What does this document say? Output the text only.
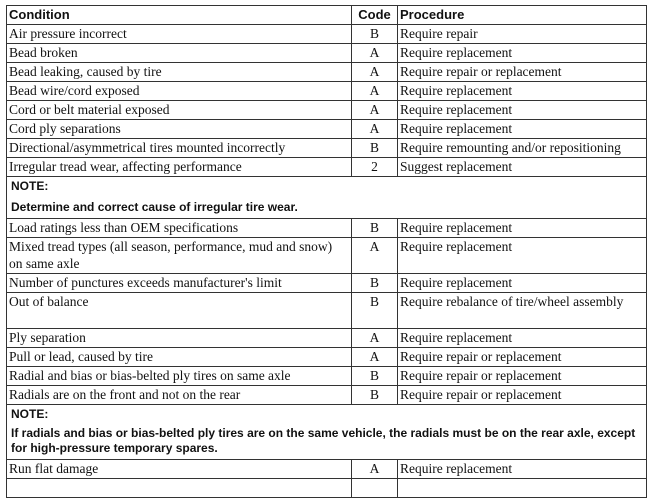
Condition	Code	Procedure
Air pressure incorrect	B	Require repair
Bead broken	A	Require replacement
Bead leaking, caused by tire	A	Require repair or replacement
Bead wire/cord exposed	A	Require replacement
Cord or belt material exposed	A	Require replacement
Cord ply separations	A	Require replacement
Directional/asymmetrical tires mounted incorrectly	B	Require remounting and/or repositioning
Irregular tread wear, affecting performance	2	Suggest replacement

NOTE:
Determine and correct cause of irregular tire wear.		

Load ratings less than OEM specifications	B	Require replacement
Mixed tread types (all season, performance, mud and snow) on same axle	A	Require replacement
Number of punctures exceeds manufacturer's limit	B	Require replacement
Out of balance	B	Require rebalance of tire/wheel assembly
Ply separation	A	Require replacement
Pull or lead, caused by tire	A	Require repair or replacement
Radial and bias or bias-belted ply tires on same axle	B	Require repair or replacement
Radials are on the front and not on the rear	B	Require repair or replacement

NOTE:
If radials and bias or bias-belted ply tires are on the same vehicle, the radials must be on the rear axle, except for high-pressure temporary spares.		

Run flat damage	A	Require replacement
